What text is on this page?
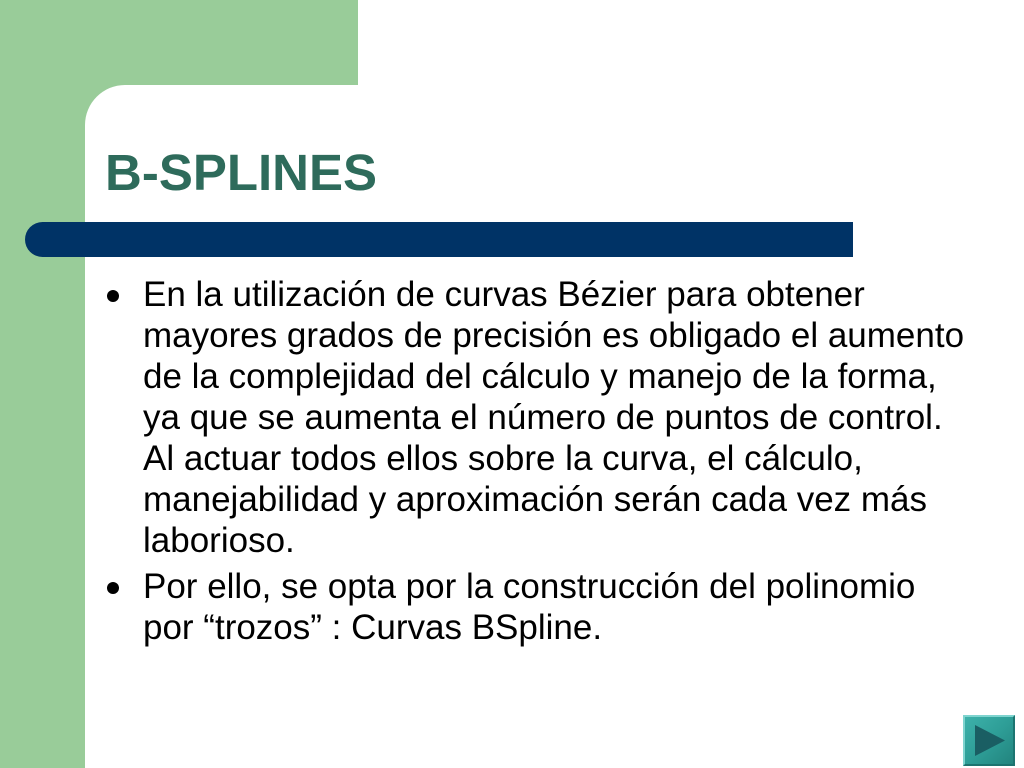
B-SPLINES
En la utilización de curvas Bézier para obtener
mayores grados de precisión es obligado el aumento
de la complejidad del cálculo y manejo de la forma,
ya que se aumenta el número de puntos de control.
Al actuar todos ellos sobre la curva, el cálculo,
manejabilidad y aproximación serán cada vez más
laborioso.
Por ello, se opta por la construcción del polinomio
por “trozos” : Curvas BSpline.
